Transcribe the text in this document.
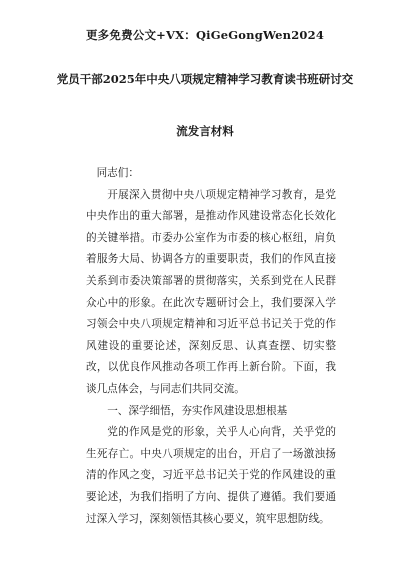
更多免费公文+VX：QiGeGongWen2024
党员干部2025年中央八项规定精神学习教育读书班研讨交
流发言材料

同志们：

开展深入贯彻中央八项规定精神学习教育，是党中央作出的重大部署，是推动作风建设常态化长效化的关键举措。市委办公室作为市委的核心枢纽，肩负着服务大局、协调各方的重要职责，我们的作风直接关系到市委决策部署的贯彻落实，关系到党在人民群众心中的形象。在此次专题研讨会上，我们要深入学习领会中央八项规定精神和习近平总书记关于党的作风建设的重要论述，深刻反思、认真查摆、切实整改，以优良作风推动各项工作再上新台阶。下面，我谈几点体会，与同志们共同交流。

一、深学细悟，夯实作风建设思想根基

党的作风是党的形象，关乎人心向背，关乎党的生死存亡。中央八项规定的出台，开启了一场激浊扬清的作风之变，习近平总书记关于党的作风建设的重要论述，为我们指明了方向、提供了遵循。我们要通过深入学习，深刻领悟其核心要义，筑牢思想防线。
